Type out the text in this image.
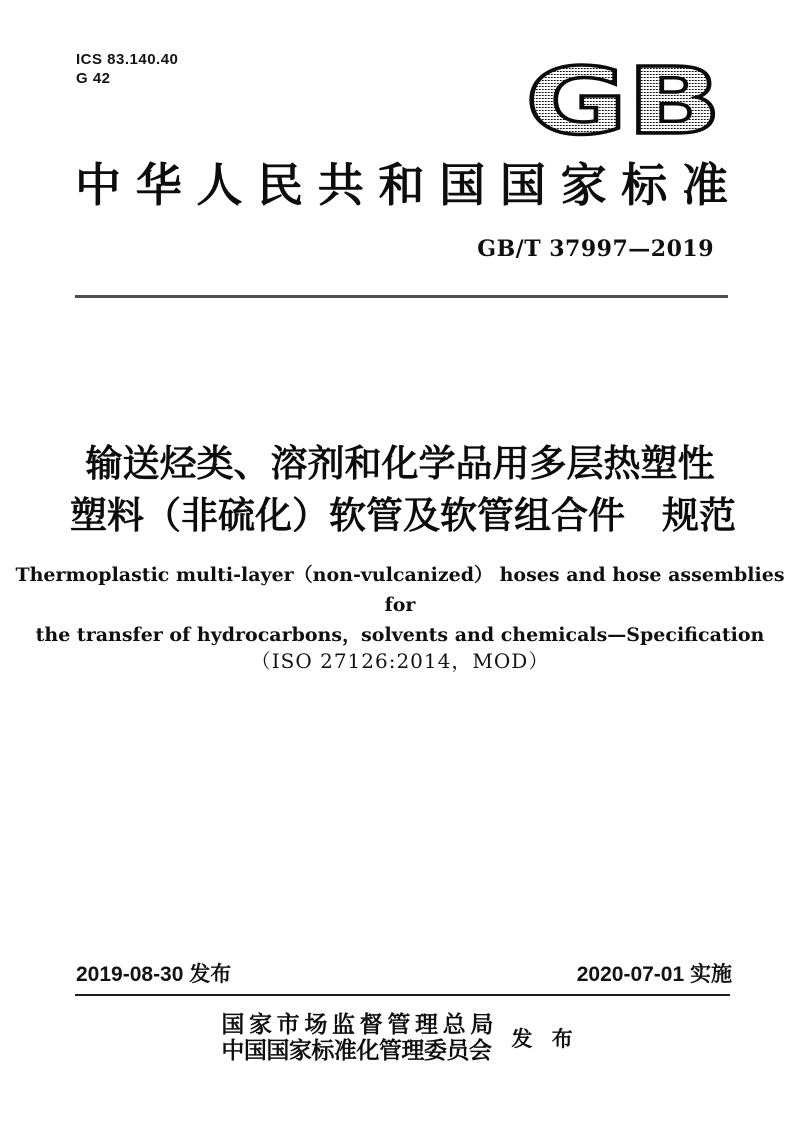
ICS 83.140.40
G 42	GB
中华人民共和国国家标准
GB/T 37997—2019
输送烃类、溶剂和化学品用多层热塑性
塑料（非硫化）软管及软管组合件　规范
Thermoplastic multi-layer（non-vulcanized） hoses and hose assemblies for
the transfer of hydrocarbons，solvents and chemicals—Specification
（ISO 27126:2014，MOD）
2019-08-30 发布	2020-07-01 实施
国家市场监督管理总局
中国国家标准化管理委员会 发 布
